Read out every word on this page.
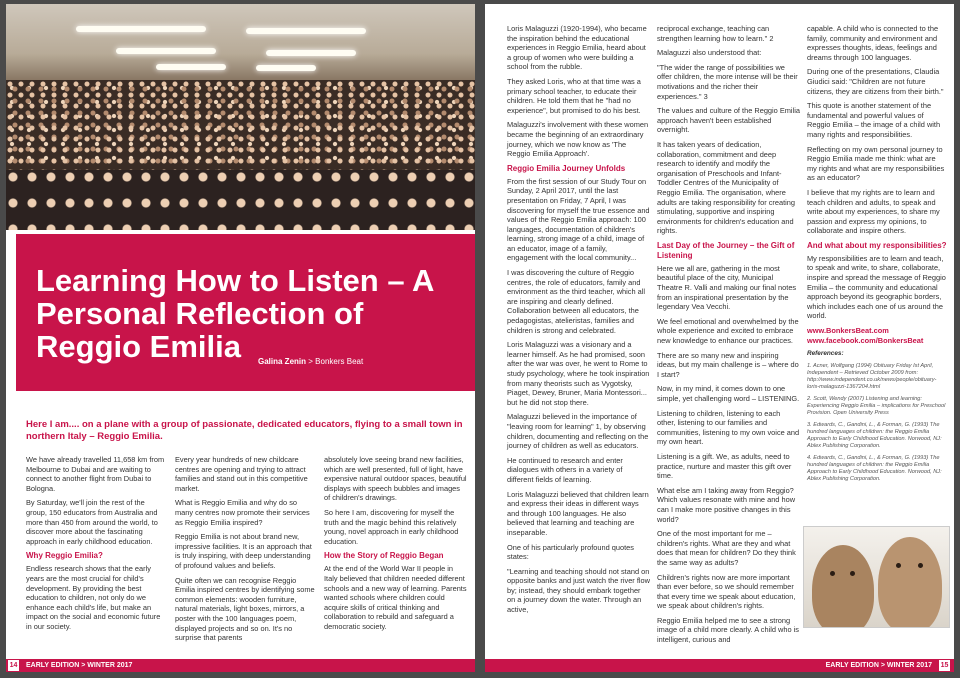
Learning How to Listen – A Personal Reflection of Reggio Emilia	Galina Zenin > Bonkers Beat

Here I am.... on a plane with a group of passionate, dedicated educators, flying to a small town in northern Italy – Reggio Emilia.

We have already travelled 11,658 km from Melbourne to Dubai and are waiting to connect to another flight from Dubai to Bologna.

By Saturday, we'll join the rest of the group, 150 educators from Australia and more than 450 from around the world, to discover more about the fascinating approach in early childhood education.

Why Reggio Emilia?

Endless research shows that the early years are the most crucial for child's development. By providing the best education to children, not only do we enhance each child's life, but make an impact on the social and economic future in our society.

Every year hundreds of new childcare centres are opening and trying to attract families and stand out in this competitive market.

What is Reggio Emilia and why do so many centres now promote their services as Reggio Emilia inspired?

Reggio Emilia is not about brand new, impressive facilities. It is an approach that is truly inspiring, with deep understanding of profound values and beliefs.

Quite often we can recognise Reggio Emilia inspired centres by identifying some common elements: wooden furniture, natural materials, light boxes, mirrors, a poster with the 100 languages poem, displayed projects and so on. It's no surprise that parents

absolutely love seeing brand new facilities, which are well presented, full of light, have expensive natural outdoor spaces, beautiful displays with speech bubbles and images of children's drawings.

So here I am, discovering for myself the truth and the magic behind this relatively young, novel approach in early childhood education.

How the Story of Reggio Began

At the end of the World War II people in Italy believed that children needed different schools and a new way of learning. Parents wanted schools where children could acquire skills of critical thinking and collaboration to rebuild and safeguard a democratic society.

14 EARLY EDITION > WINTER 2017

Loris Malaguzzi (1920-1994), who became the inspiration behind the educational experiences in Reggio Emilia, heard about a group of women who were building a school from the rubble.

They asked Loris, who at that time was a primary school teacher, to educate their children. He told them that he "had no experience", but promised to do his best.

Malaguzzi's involvement with these women became the beginning of an extraordinary journey, which we now know as 'The Reggio Emilia Approach'.

Reggio Emilia Journey Unfolds

From the first session of our Study Tour on Sunday, 2 April 2017, until the last presentation on Friday, 7 April, I was discovering for myself the true essence and values of the Reggio Emilia approach: 100 languages, documentation of children's learning, strong image of a child, image of an educator, image of a family, engagement with the local community...

I was discovering the culture of Reggio centres, the role of educators, family and environment as the third teacher, which all are inspiring and clearly defined. Collaboration between all educators, the pedagogistas, atelieristas, families and children is strong and celebrated.

Loris Malaguzzi was a visionary and a learner himself. As he had promised, soon after the war was over, he went to Rome to study psychology, where he took inspiration from many theorists such as Vygotsky, Piaget, Dewey, Bruner, Maria Montessori... but he did not stop there.

Malaguzzi believed in the importance of "leaving room for learning" 1, by observing children, documenting and reflecting on the journey of children as well as educators.

He continued to research and enter dialogues with others in a variety of different fields of learning.

Loris Malaguzzi believed that children learn and express their ideas in different ways and through 100 languages. He also believed that learning and teaching are inseparable.

One of his particularly profound quotes states:

"Learning and teaching should not stand on opposite banks and just watch the river flow by; instead, they should embark together on a journey down the water. Through an active,

reciprocal exchange, teaching can strengthen learning how to learn." 2

Malaguzzi also understood that:

"The wider the range of possibilities we offer children, the more intense will be their motivations and the richer their experiences." 3

The values and culture of the Reggio Emilia approach haven't been established overnight.

It has taken years of dedication, collaboration, commitment and deep research to identify and modify the organisation of Preschools and Infant-Toddler Centres of the Municipality of Reggio Emilia. The organisation, where adults are taking responsibility for creating stimulating, supportive and inspiring environments for children's education and rights.

Last Day of the Journey – the Gift of Listening

Here we all are, gathering in the most beautiful place of the city, Municipal Theatre R. Valli and making our final notes from an inspirational presentation by the legendary Vea Vecchi.

We feel emotional and overwhelmed by the whole experience and excited to embrace new knowledge to enhance our practices.

There are so many new and inspiring ideas, but my main challenge is – where do I start?

Now, in my mind, it comes down to one simple, yet challenging word – LISTENING.

Listening to children, listening to each other, listening to our families and communities, listening to my own voice and my own heart.

Listening is a gift. We, as adults, need to practice, nurture and master this gift over time.

What else am I taking away from Reggio? Which values resonate with mine and how can I make more positive changes in this world?

One of the most important for me – children's rights. What are they and what does that mean for children? Do they think the same way as adults?

Children's rights now are more important than ever before, so we should remember that every time we speak about education, we speak about children's rights.

Reggio Emilia helped me to see a strong image of a child more clearly. A child who is intelligent, curious and

capable. A child who is connected to the family, community and environment and expresses thoughts, ideas, feelings and dreams through 100 languages.

During one of the presentations, Claudia Giudici said: "Children are not future citizens, they are citizens from their birth."

This quote is another statement of the fundamental and powerful values of Reggio Emilia – the image of a child with many rights and responsibilities.

Reflecting on my own personal journey to Reggio Emilia made me think: what are my rights and what are my responsibilities as an educator?

I believe that my rights are to learn and teach children and adults, to speak and write about my experiences, to share my passion and express my opinions, to collaborate and inspire others.

And what about my responsibilities?

My responsibilities are to learn and teach, to speak and write, to share, collaborate, inspire and spread the message of Reggio Emilia – the community and educational approach beyond its geographic borders, which includes each one of us around the world.

www.BonkersBeat.com

www.facebook.com/BonkersBeat

References:

1. Acner, Wolfgang (1994) Obituary Friday Ist April, Independent – Retrieved October 2009 from: http://www.independent.co.uk/news/people/obituary-loris-malaguzzi-1367204.html

2. Scott, Wendy (2007) Listening and learning: Experiencing Reggio Emilia – implications for Preschool Provision. Open University Press

3. Edwards, C., Gandini, L., & Forman, G. (1993) The hundred languages of children: the Reggio Emilia Approach to Early Childhood Education. Norwood, NJ: Ablex Publishing Corporation.

4. Edwards, C., Gandini, L., & Forman, G. (1993) The hundred languages of children: the Reggio Emilia Approach to Early Childhood Education. Norwood, NJ: Ablex Publishing Corporation.

EARLY EDITION > WINTER 2017 15
